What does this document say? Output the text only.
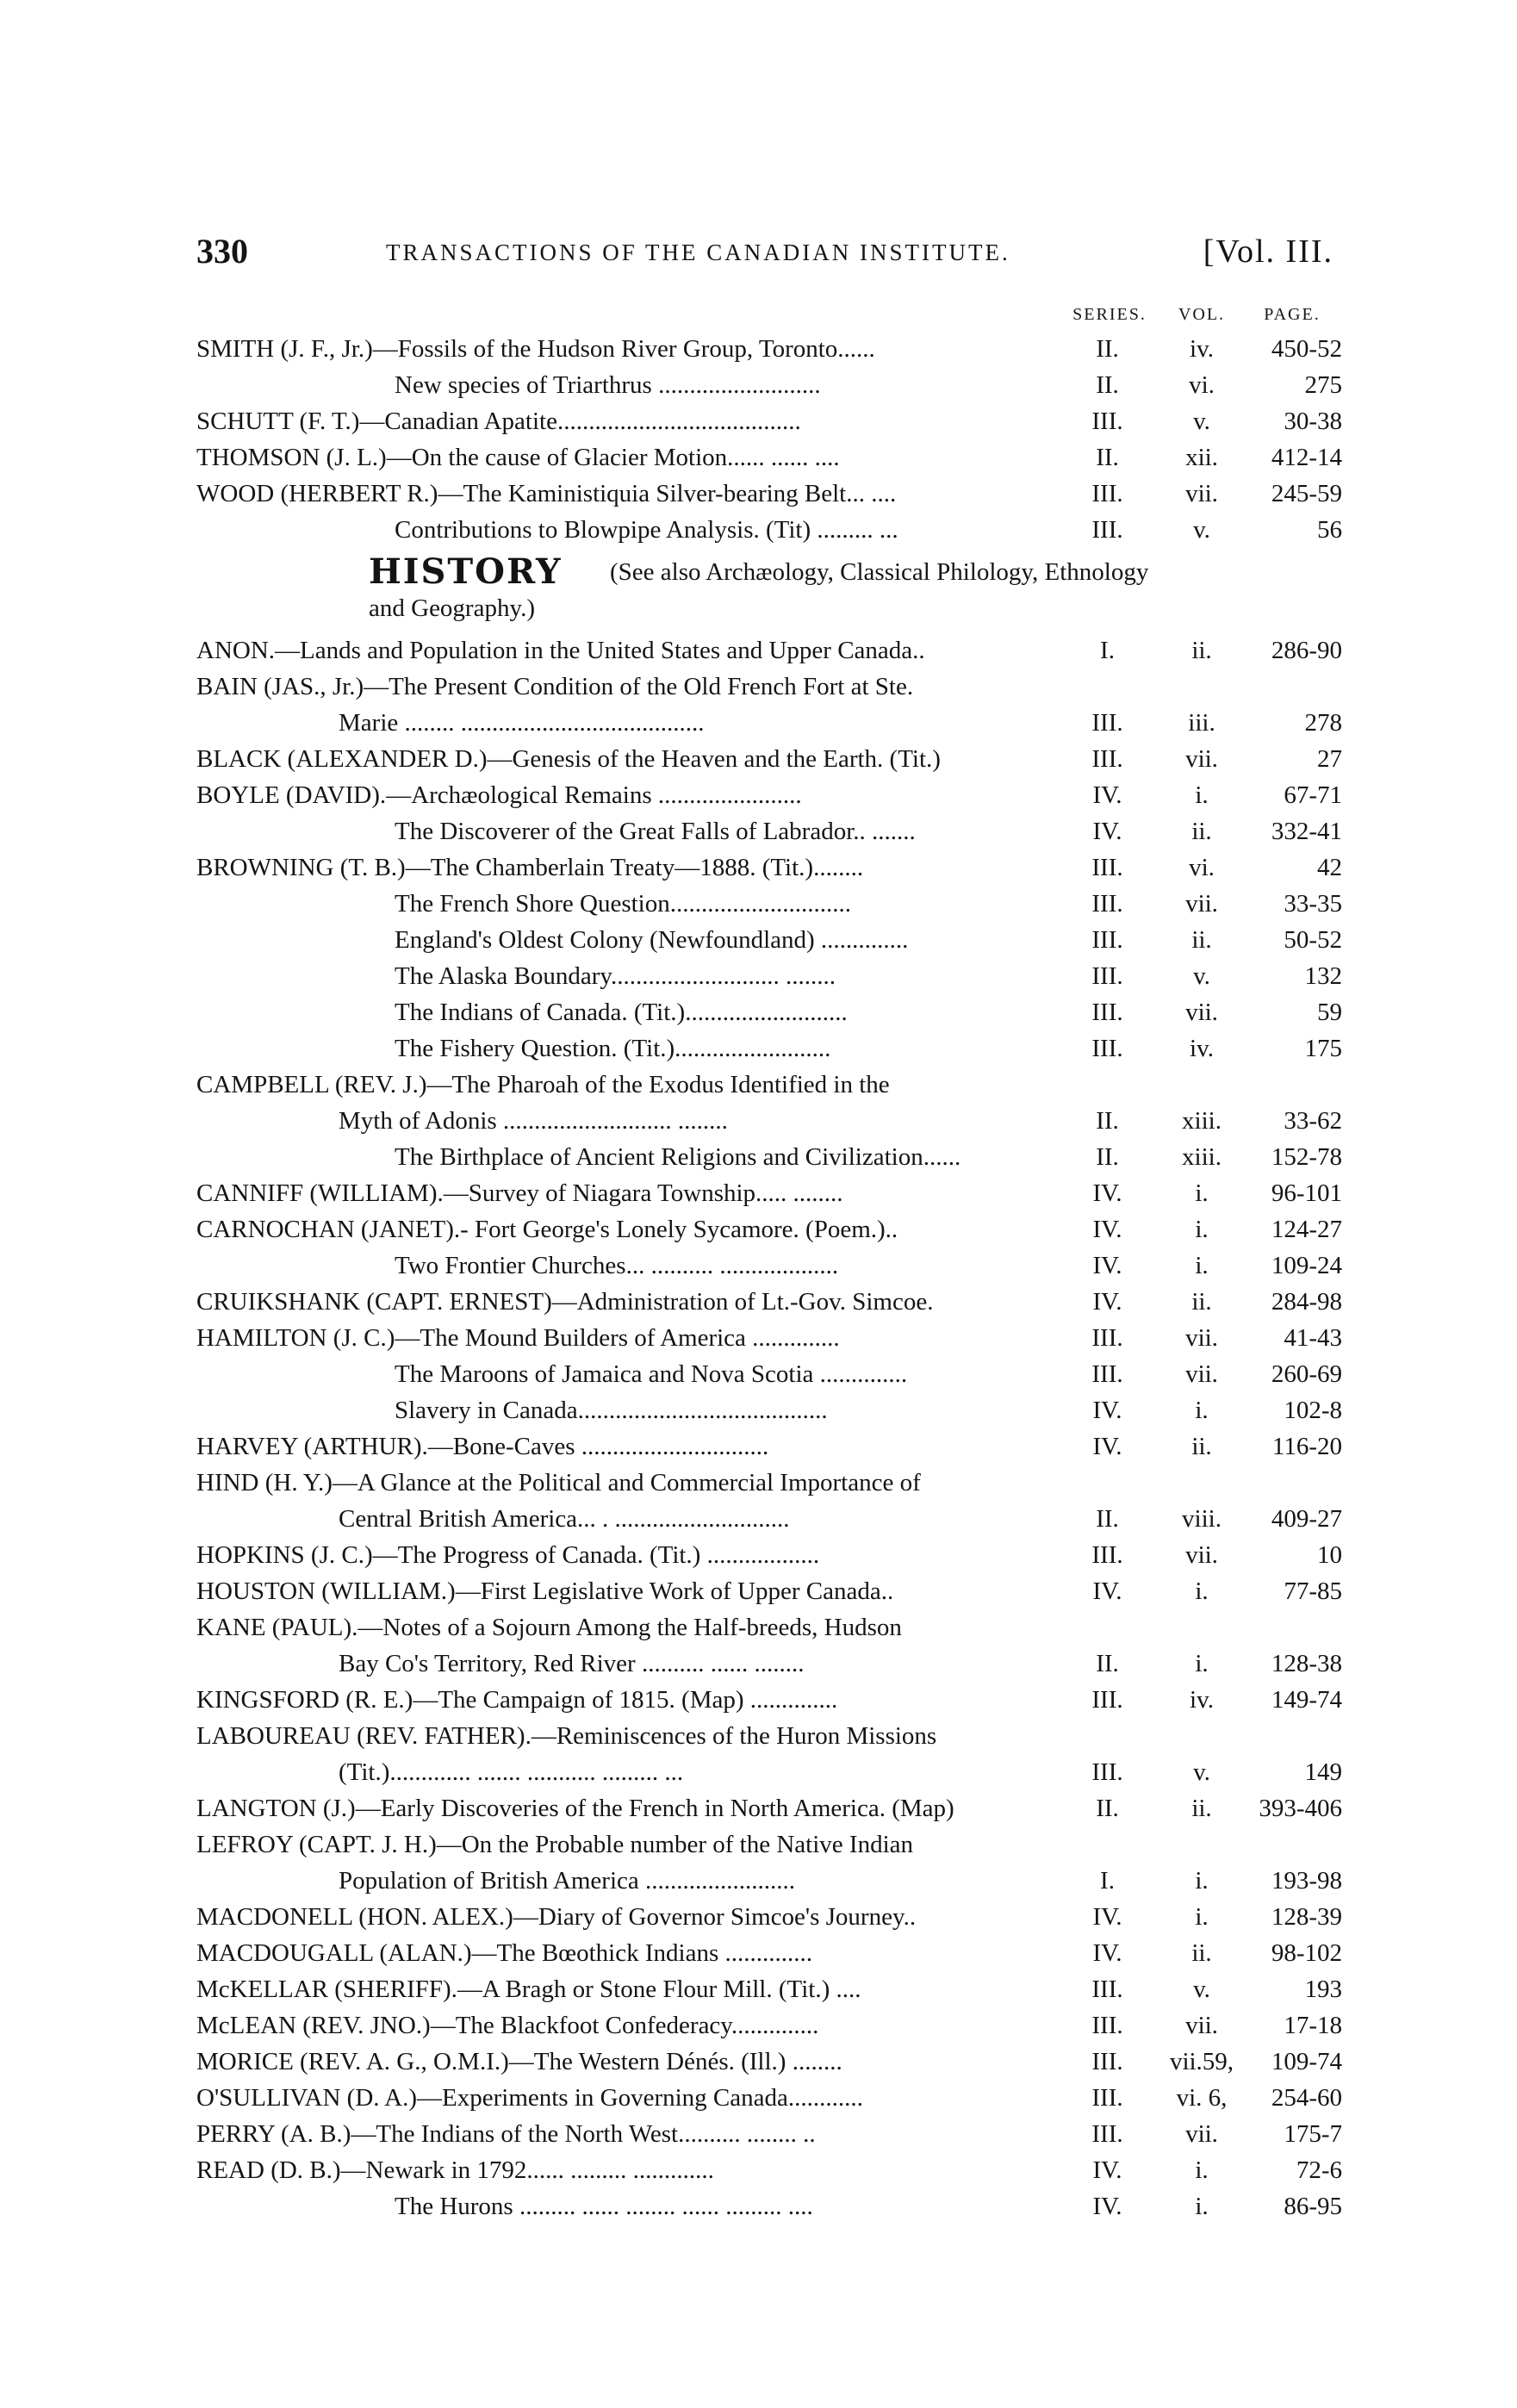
330	TRANSACTIONS OF THE CANADIAN INSTITUTE.	[Vol. III.
SERIES.	VOL.	PAGE.
SMITH (J. F., Jr.)—Fossils of the Hudson River Group, Toronto......	II.	iv.	450-52
New species of Triarthrus ..........................	II.	vi.	275
SCHUTT (F. T.)—Canadian Apatite.......................................	III.	v.	30-38
THOMSON (J. L.)—On the cause of Glacier Motion...... ...... ....	II.	xii.	412-14
WOOD (HERBERT R.)—The Kaministiquia Silver-bearing Belt... ....	III.	vii.	245-59
Contributions to Blowpipe Analysis. (Tit) ......... ...	III.	v.	56
HISTORY (See also Archæology, Classical Philology, Ethnology
and Geography.)
ANON.—Lands and Population in the United States and Upper Canada..	I.	ii.	286-90
BAIN (JAS., Jr.)—The Present Condition of the Old French Fort at Ste.
Marie ........ .......................................	III.	iii.	278
BLACK (ALEXANDER D.)—Genesis of the Heaven and the Earth. (Tit.)	III.	vii.	27
BOYLE (DAVID).—Archæological Remains .......................	IV.	i.	67-71
The Discoverer of the Great Falls of Labrador.. .......	IV.	ii.	332-41
BROWNING (T. B.)—The Chamberlain Treaty—1888. (Tit.)........	III.	vi.	42
The French Shore Question.............................	III.	vii.	33-35
England's Oldest Colony (Newfoundland) ..............	III.	ii.	50-52
The Alaska Boundary........................... ........	III.	v.	132
The Indians of Canada. (Tit.)..........................	III.	vii.	59
The Fishery Question. (Tit.).........................	III.	iv.	175
CAMPBELL (REV. J.)—The Pharoah of the Exodus Identified in the
Myth of Adonis ........................... ........	II.	xiii.	33-62
The Birthplace of Ancient Religions and Civilization......	II.	xiii.	152-78
CANNIFF (WILLIAM).—Survey of Niagara Township..... ........	IV.	i.	96-101
CARNOCHAN (JANET).- Fort George's Lonely Sycamore. (Poem.)..	IV.	i.	124-27
Two Frontier Churches... .......... ...................	IV.	i.	109-24
CRUIKSHANK (CAPT. ERNEST)—Administration of Lt.-Gov. Simcoe.	IV.	ii.	284-98
HAMILTON (J. C.)—The Mound Builders of America ..............	III.	vii.	41-43
The Maroons of Jamaica and Nova Scotia ..............	III.	vii.	260-69
Slavery in Canada........................................	IV.	i.	102-8
HARVEY (ARTHUR).—Bone-Caves ..............................	IV.	ii.	116-20
HIND (H. Y.)—A Glance at the Political and Commercial Importance of
Central British America... . ............................	II.	viii.	409-27
HOPKINS (J. C.)—The Progress of Canada. (Tit.) ..................	III.	vii.	10
HOUSTON (WILLIAM.)—First Legislative Work of Upper Canada..	IV.	i.	77-85
KANE (PAUL).—Notes of a Sojourn Among the Half-breeds, Hudson
Bay Co's Territory, Red River .......... ...... ........	II.	i.	128-38
KINGSFORD (R. E.)—The Campaign of 1815. (Map) ..............	III.	iv.	149-74
LABOUREAU (REV. FATHER).—Reminiscences of the Huron Missions
(Tit.)............. ....... ........... ......... ...	III.	v.	149
LANGTON (J.)—Early Discoveries of the French in North America. (Map)	II.	ii.	393-406
LEFROY (CAPT. J. H.)—On the Probable number of the Native Indian
Population of British America ........................	I.	i.	193-98
MACDONELL (HON. ALEX.)—Diary of Governor Simcoe's Journey..	IV.	i.	128-39
MACDOUGALL (ALAN.)—The Bœothick Indians ..............	IV.	ii.	98-102
McKELLAR (SHERIFF).—A Bragh or Stone Flour Mill. (Tit.) ....	III.	v.	193
McLEAN (REV. JNO.)—The Blackfoot Confederacy..............	III.	vii.	17-18
MORICE (REV. A. G., O.M.I.)—The Western Dénés. (Ill.) ........	III.	vii.59,	109-74
O'SULLIVAN (D. A.)—Experiments in Governing Canada............	III.	vi. 6,	254-60
PERRY (A. B.)—The Indians of the North West.......... ........ ..	III.	vii.	175-7
READ (D. B.)—Newark in 1792...... ......... .............	IV.	i.	72-6
The Hurons ......... ...... ........ ...... ......... ....	IV.	i.	86-95
